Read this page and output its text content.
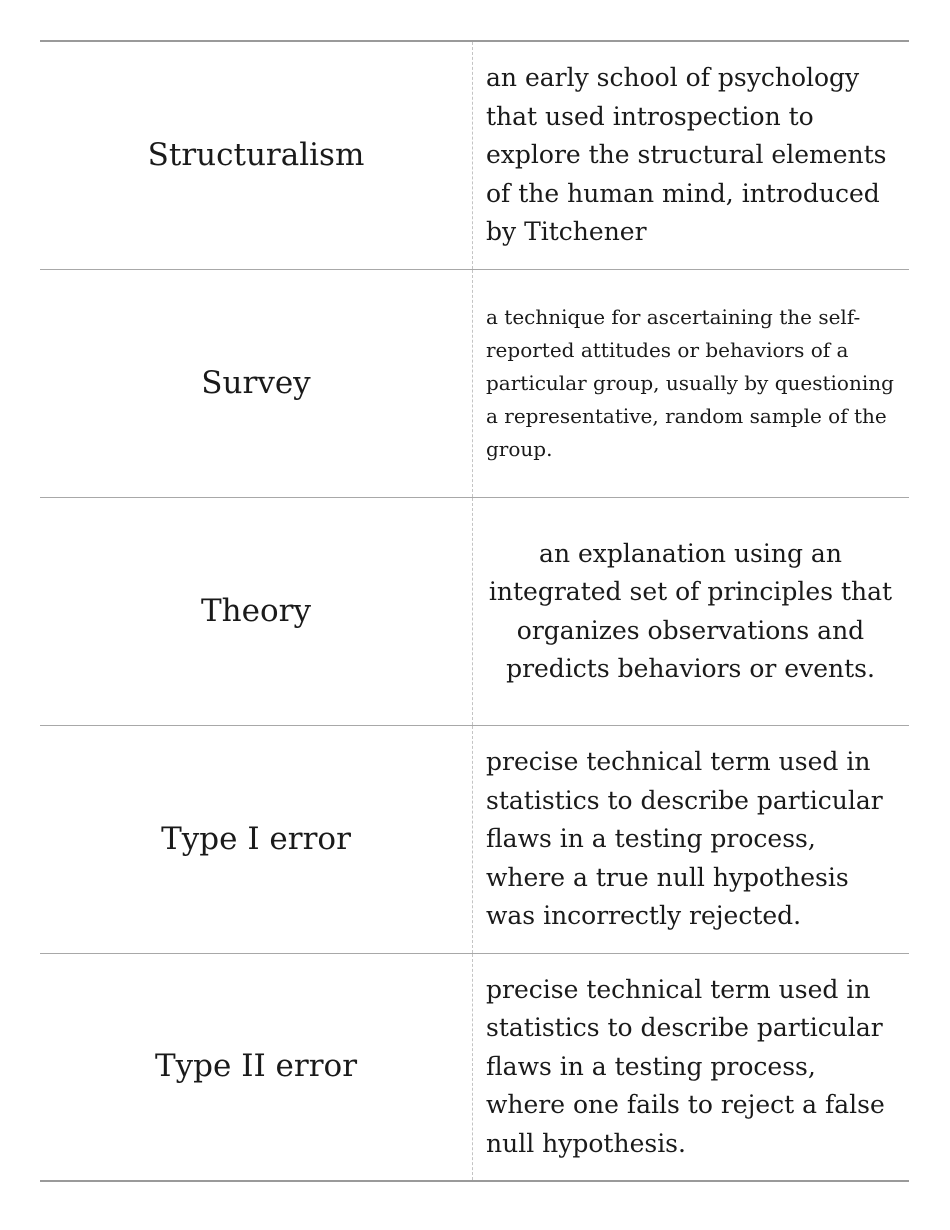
Structuralism
an early school of psychology that used introspection to explore the structural elements of the human mind, introduced by Titchener
Survey
a technique for ascertaining the self-reported attitudes or behaviors of a particular group, usually by questioning a representative, random sample of the group.
Theory
an explanation using an integrated set of principles that organizes observations and predicts behaviors or events.
Type I error
precise technical term used in statistics to describe particular flaws in a testing process, where a true null hypothesis was incorrectly rejected.
Type II error
precise technical term used in statistics to describe particular flaws in a testing process, where one fails to reject a false null hypothesis.
